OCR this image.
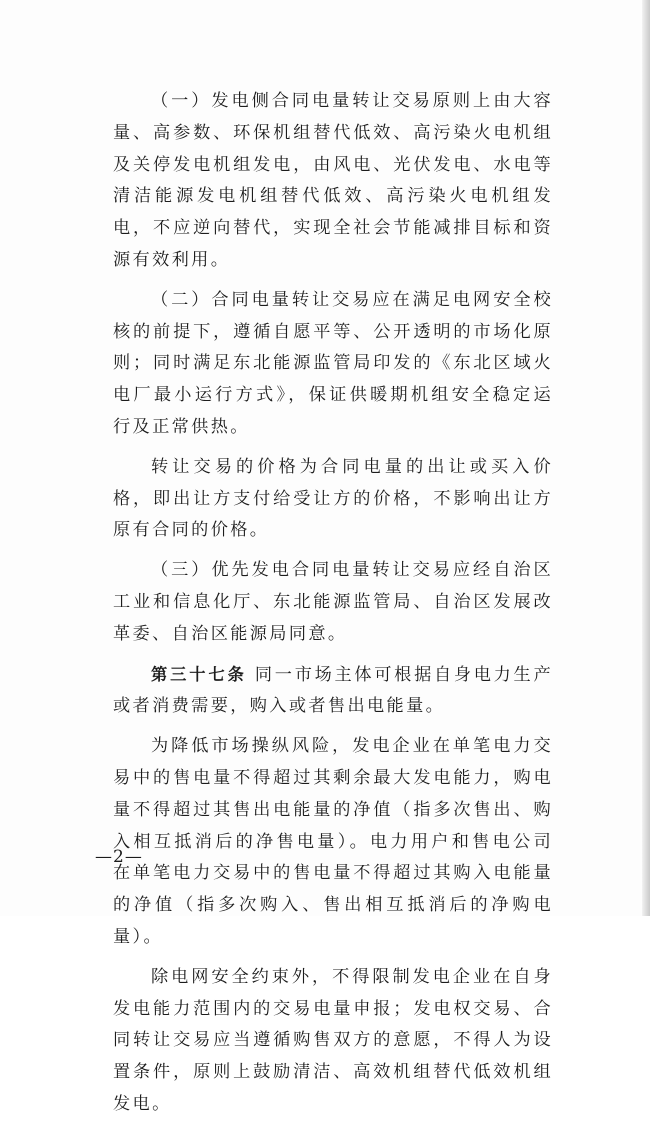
（一）发电侧合同电量转让交易原则上由大容量、高参数、环保机组替代低效、高污染火电机组及关停发电机组发电，由风电、光伏发电、水电等清洁能源发电机组替代低效、高污染火电机组发电，不应逆向替代，实现全社会节能减排目标和资源有效利用。

（二）合同电量转让交易应在满足电网安全校核的前提下，遵循自愿平等、公开透明的市场化原则；同时满足东北能源监管局印发的《东北区域火电厂最小运行方式》，保证供暖期机组安全稳定运行及正常供热。

转让交易的价格为合同电量的出让或买入价格，即出让方支付给受让方的价格，不影响出让方原有合同的价格。

（三）优先发电合同电量转让交易应经自治区工业和信息化厅、东北能源监管局、自治区发展改革委、自治区能源局同意。

第三十七条 同一市场主体可根据自身电力生产或者消费需要，购入或者售出电能量。

为降低市场操纵风险，发电企业在单笔电力交易中的售电量不得超过其剩余最大发电能力，购电量不得超过其售出电能量的净值（指多次售出、购入相互抵消后的净售电量）。电力用户和售电公司在单笔电力交易中的售电量不得超过其购入电能量的净值（指多次购入、售出相互抵消后的净购电量）。

除电网安全约束外，不得限制发电企业在自身发电能力范围内的交易电量申报；发电权交易、合同转让交易应当遵循购售双方的意愿，不得人为设置条件，原则上鼓励清洁、高效机组替代低效机组发电。

—2—
